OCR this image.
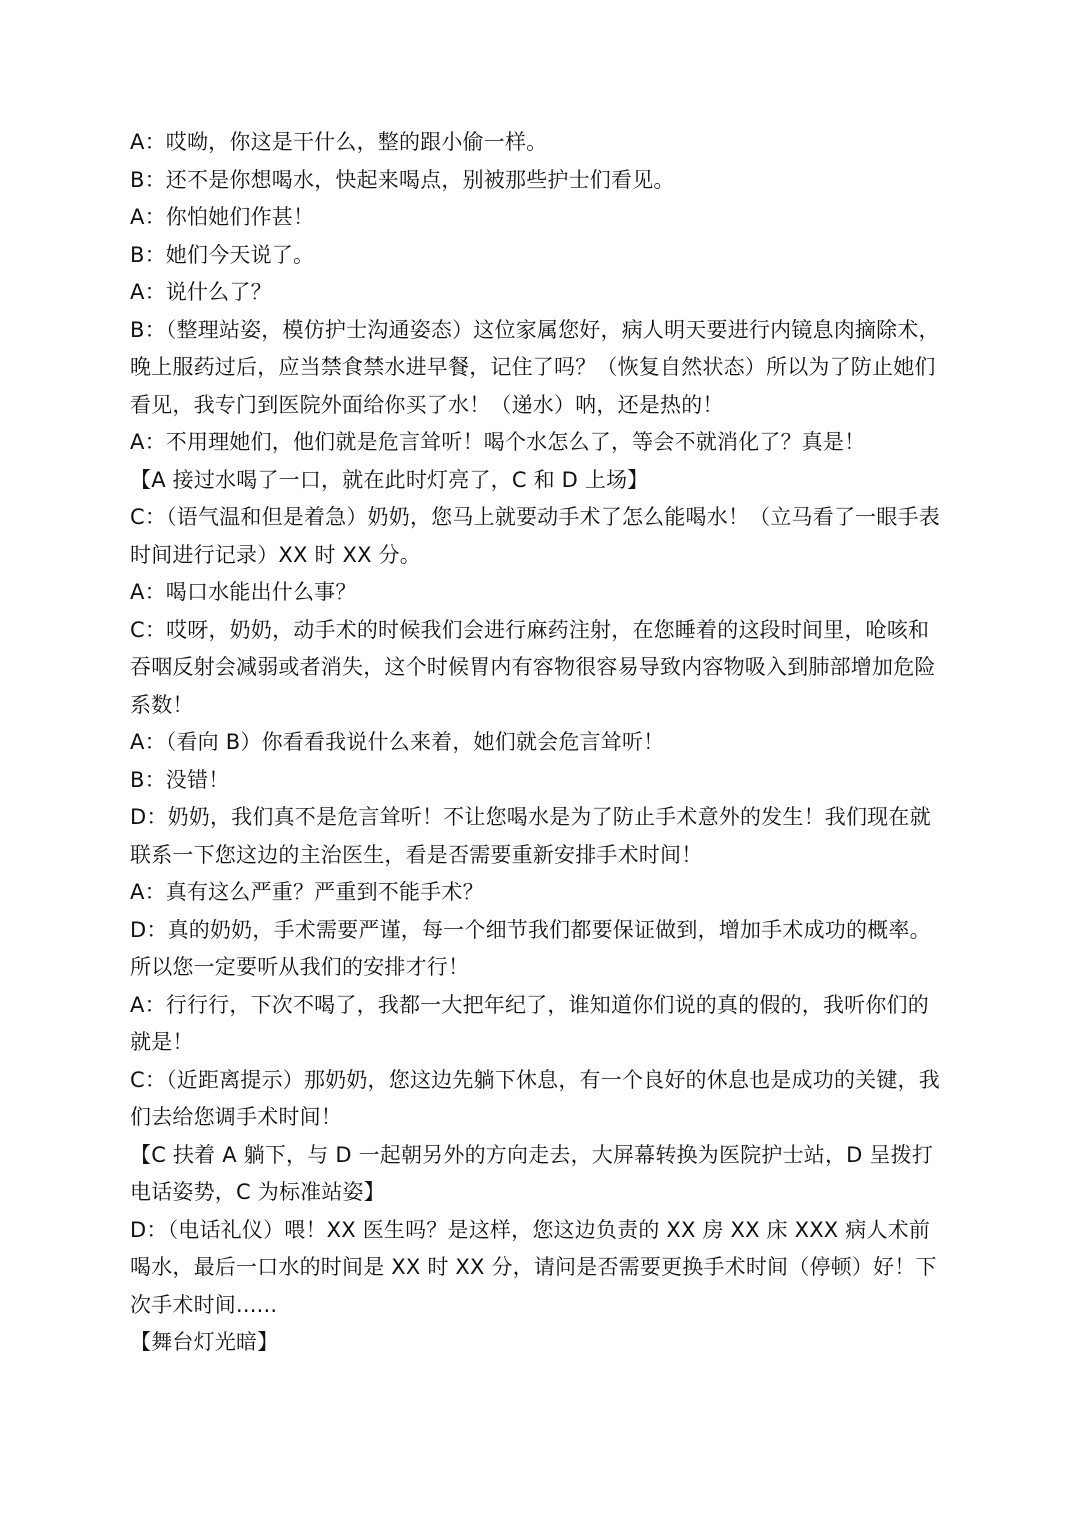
A：哎呦，你这是干什么，整的跟小偷一样。

B：还不是你想喝水，快起来喝点，别被那些护士们看见。

A：你怕她们作甚！

B：她们今天说了。

A：说什么了？

B：（整理站姿，模仿护士沟通姿态）这位家属您好，病人明天要进行内镜息肉摘除术，晚上服药过后，应当禁食禁水进早餐，记住了吗？（恢复自然状态）所以为了防止她们看见，我专门到医院外面给你买了水！（递水）呐，还是热的！

A：不用理她们，他们就是危言耸听！喝个水怎么了，等会不就消化了？真是！

【A 接过水喝了一口，就在此时灯亮了，C 和 D 上场】

C：（语气温和但是着急）奶奶，您马上就要动手术了怎么能喝水！（立马看了一眼手表时间进行记录）XX 时 XX 分。

A：喝口水能出什么事？

C：哎呀，奶奶，动手术的时候我们会进行麻药注射，在您睡着的这段时间里，呛咳和吞咽反射会减弱或者消失，这个时候胃内有容物很容易导致内容物吸入到肺部增加危险系数！

A：（看向 B）你看看我说什么来着，她们就会危言耸听！

B：没错！

D：奶奶，我们真不是危言耸听！不让您喝水是为了防止手术意外的发生！我们现在就联系一下您这边的主治医生，看是否需要重新安排手术时间！

A：真有这么严重？严重到不能手术？

D：真的奶奶，手术需要严谨，每一个细节我们都要保证做到，增加手术成功的概率。所以您一定要听从我们的安排才行！

A：行行行，下次不喝了，我都一大把年纪了，谁知道你们说的真的假的，我听你们的就是！

C：（近距离提示）那奶奶，您这边先躺下休息，有一个良好的休息也是成功的关键，我们去给您调手术时间！

【C 扶着 A 躺下，与 D 一起朝另外的方向走去，大屏幕转换为医院护士站，D 呈拨打电话姿势，C 为标准站姿】

D：（电话礼仪）喂！XX 医生吗？是这样，您这边负责的 XX 房 XX 床 XXX 病人术前喝水，最后一口水的时间是 XX 时 XX 分，请问是否需要更换手术时间（停顿）好！下次手术时间......

【舞台灯光暗】
